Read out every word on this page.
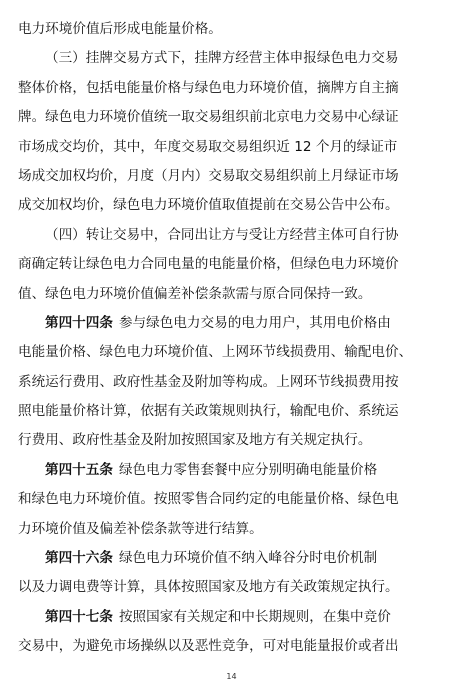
电力环境价值后形成电能量价格。
（三）挂牌交易方式下，挂牌方经营主体申报绿色电力交易
整体价格，包括电能量价格与绿色电力环境价值，摘牌方自主摘
牌。绿色电力环境价值统一取交易组织前北京电力交易中心绿证
市场成交均价，其中，年度交易取交易组织近 12 个月的绿证市
场成交加权均价，月度（月内）交易取交易组织前上月绿证市场
成交加权均价，绿色电力环境价值取值提前在交易公告中公布。
（四）转让交易中，合同出让方与受让方经营主体可自行协
商确定转让绿色电力合同电量的电能量价格，但绿色电力环境价
值、绿色电力环境价值偏差补偿条款需与原合同保持一致。
第四十四条 参与绿色电力交易的电力用户，其用电价格由
电能量价格、绿色电力环境价值、上网环节线损费用、输配电价、
系统运行费用、政府性基金及附加等构成。上网环节线损费用按
照电能量价格计算，依据有关政策规则执行，输配电价、系统运
行费用、政府性基金及附加按照国家及地方有关规定执行。
第四十五条 绿色电力零售套餐中应分别明确电能量价格
和绿色电力环境价值。按照零售合同约定的电能量价格、绿色电
力环境价值及偏差补偿条款等进行结算。
第四十六条 绿色电力环境价值不纳入峰谷分时电价机制
以及力调电费等计算，具体按照国家及地方有关政策规定执行。
第四十七条 按照国家有关规定和中长期规则，在集中竞价
交易中，为避免市场操纵以及恶性竞争，可对电能量报价或者出
14
